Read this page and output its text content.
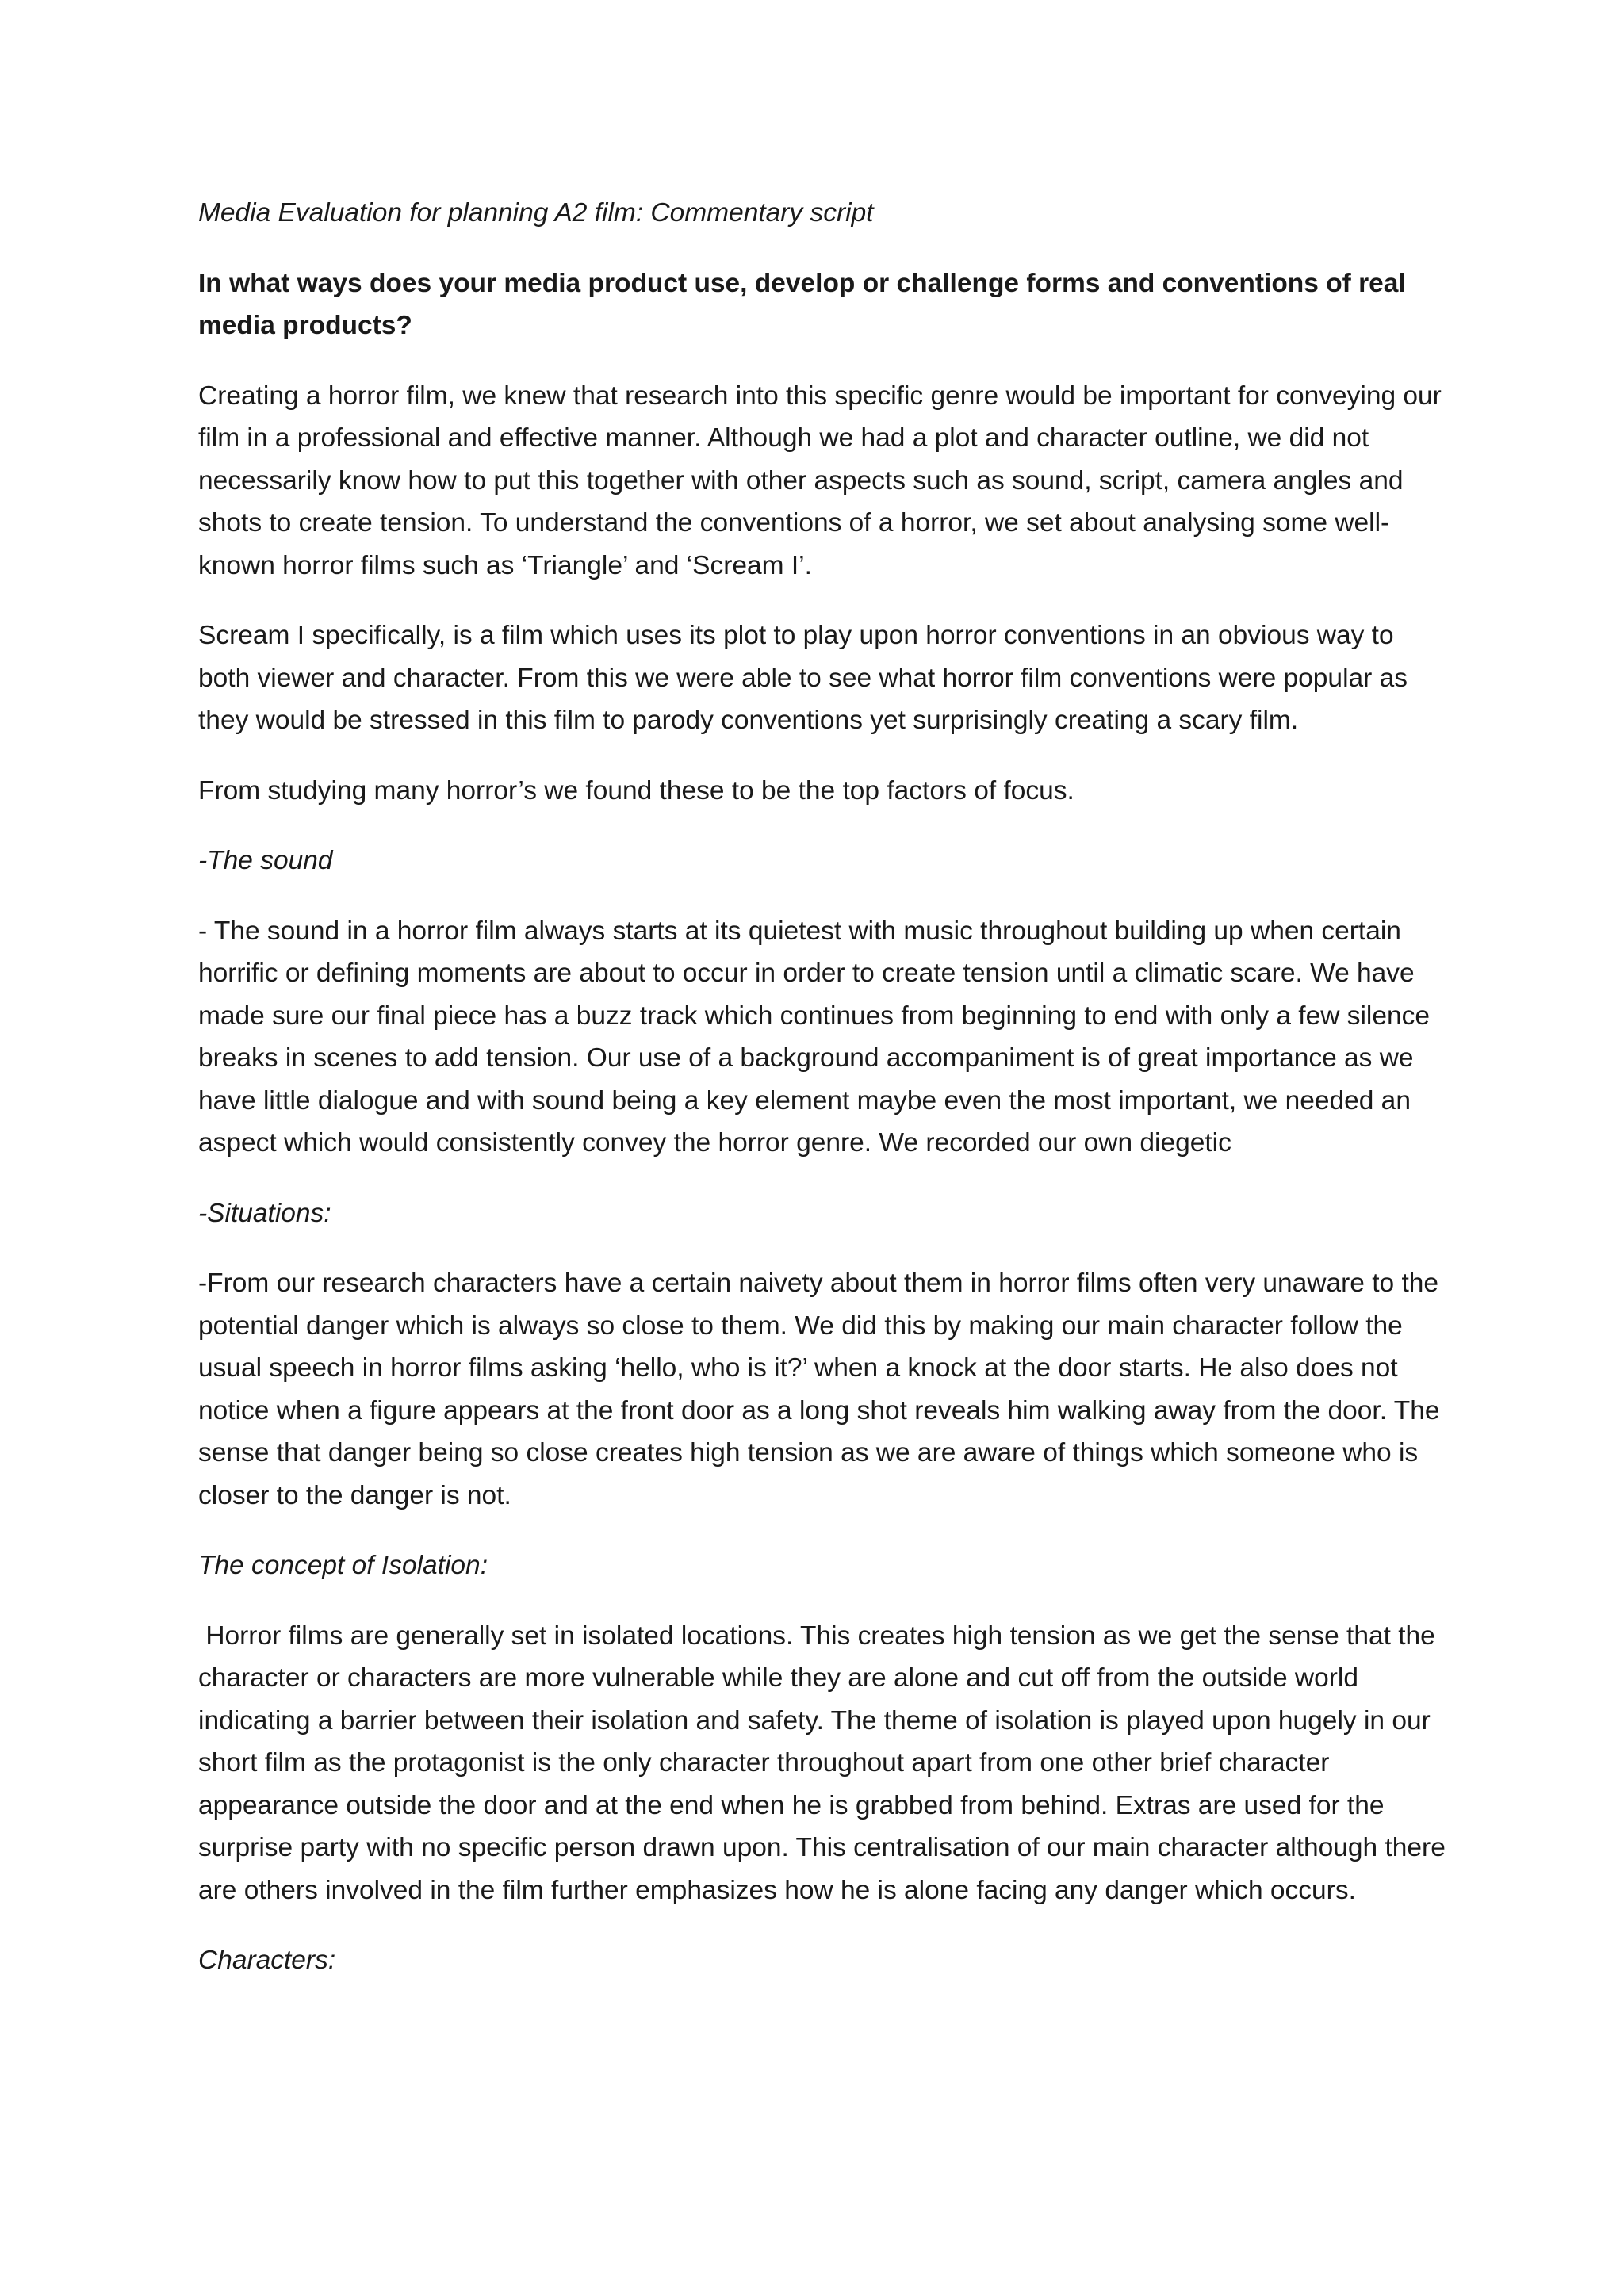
Media Evaluation for planning A2 film: Commentary script

In what ways does your media product use, develop or challenge forms and conventions of real media products?

Creating a horror film, we knew that research into this specific genre would be important for conveying our film in a professional and effective manner. Although we had a plot and character outline, we did not necessarily know how to put this together with other aspects such as sound, script, camera angles and shots to create tension. To understand the conventions of a horror, we set about analysing some well-known horror films such as ‘Triangle’ and ‘Scream I’.

Scream I specifically, is a film which uses its plot to play upon horror conventions in an obvious way to both viewer and character. From this we were able to see what horror film conventions were popular as they would be stressed in this film to parody conventions yet surprisingly creating a scary film.

From studying many horror’s we found these to be the top factors of focus.

-The sound

- The sound in a horror film always starts at its quietest with music throughout building up when certain horrific or defining moments are about to occur in order to create tension until a climatic scare. We have made sure our final piece has a buzz track which continues from beginning to end with only a few silence breaks in scenes to add tension. Our use of a background accompaniment is of great importance as we have little dialogue and with sound being a key element maybe even the most important, we needed an aspect which would consistently convey the horror genre. We recorded our own diegetic

-Situations:

-From our research characters have a certain naivety about them in horror films often very unaware to the potential danger which is always so close to them. We did this by making our main character follow the usual speech in horror films asking ‘hello, who is it?’ when a knock at the door starts. He also does not notice when a figure appears at the front door as a long shot reveals him walking away from the door. The sense that danger being so close creates high tension as we are aware of things which someone who is closer to the danger is not.

The concept of Isolation:

Horror films are generally set in isolated locations. This creates high tension as we get the sense that the character or characters are more vulnerable while they are alone and cut off from the outside world indicating a barrier between their isolation and safety. The theme of isolation is played upon hugely in our short film as the protagonist is the only character throughout apart from one other brief character appearance outside the door and at the end when he is grabbed from behind. Extras are used for the surprise party with no specific person drawn upon. This centralisation of our main character although there are others involved in the film further emphasizes how he is alone facing any danger which occurs.

Characters:
